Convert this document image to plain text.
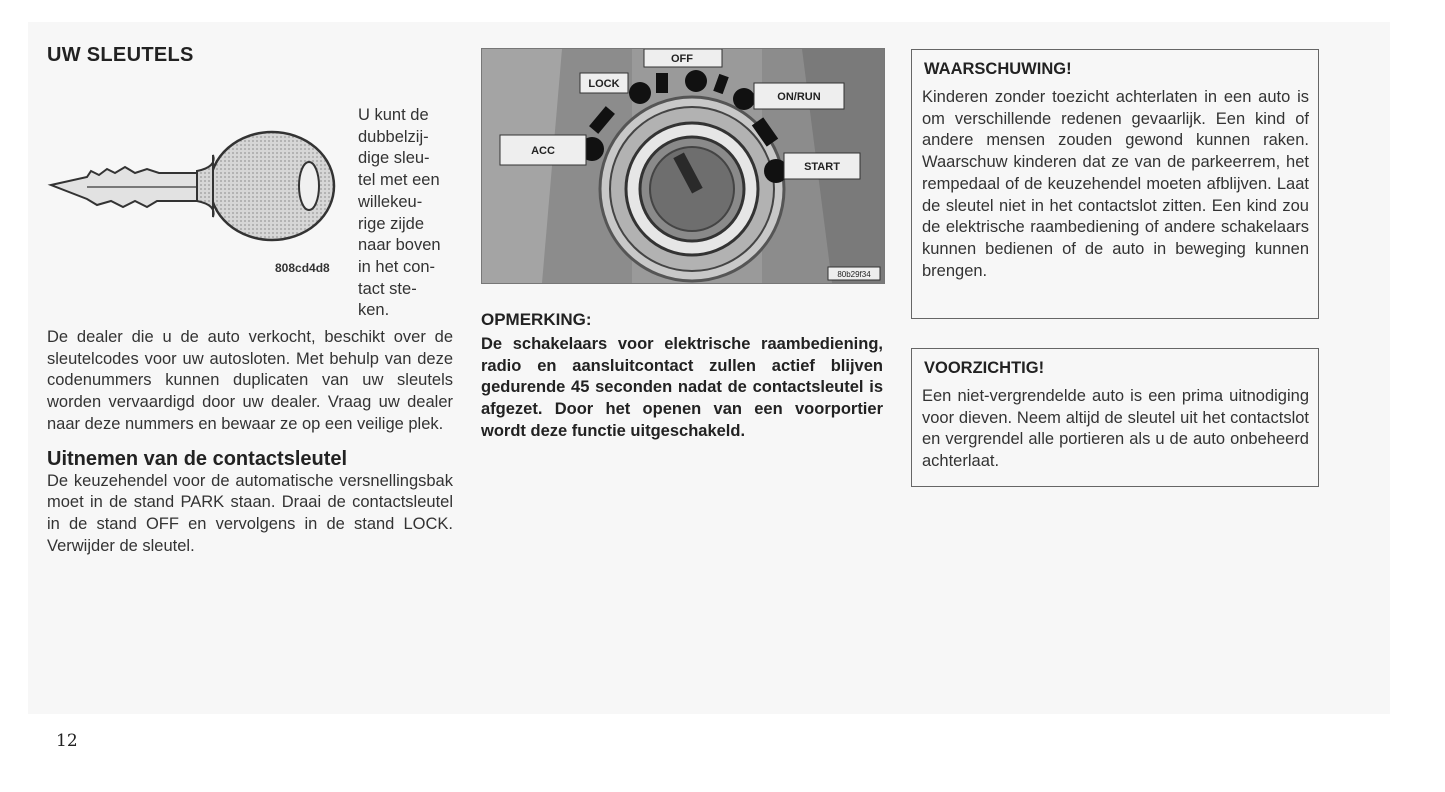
UW SLEUTELS
808cd4d8
U kunt de
dubbelzij-
dige sleu-
tel met een
willekeu-
rige zijde
naar boven
in het con-
tact ste-
ken.

De dealer die u de auto verkocht, beschikt over de sleutelcodes voor uw autosloten. Met behulp van deze codenummers kunnen duplicaten van uw sleutels worden vervaardigd door uw dealer. Vraag uw dealer naar deze nummers en bewaar ze op een veilige plek.

Uitnemen van de contactsleutel

De keuzehendel voor de automatische versnellingsbak moet in de stand PARK staan. Draai de contactsleutel in de stand OFF en vervolgens in de stand LOCK. Verwijder de sleutel.

OFF
LOCK
ON/RUN
ACC
START
80b29f34
OPMERKING:

De schakelaars voor elektrische raambediening, radio en aansluitcontact zullen actief blijven gedurende 45 seconden nadat de contactsleutel is afgezet. Door het openen van een voorportier wordt deze functie uitgeschakeld.

WAARSCHUWING!

Kinderen zonder toezicht achterlaten in een auto is om verschillende redenen gevaarlijk. Een kind of andere mensen zouden gewond kunnen raken. Waarschuw kinderen dat ze van de parkeerrem, het rempedaal of de keuzehendel moeten afblijven. Laat de sleutel niet in het contactslot zitten. Een kind zou de elektrische raambediening of andere schakelaars kunnen bedienen of de auto in beweging kunnen brengen.

VOORZICHTIG!

Een niet-vergrendelde auto is een prima uitnodiging voor dieven. Neem altijd de sleutel uit het contactslot en vergrendel alle portieren als u de auto onbeheerd achterlaat.

12
